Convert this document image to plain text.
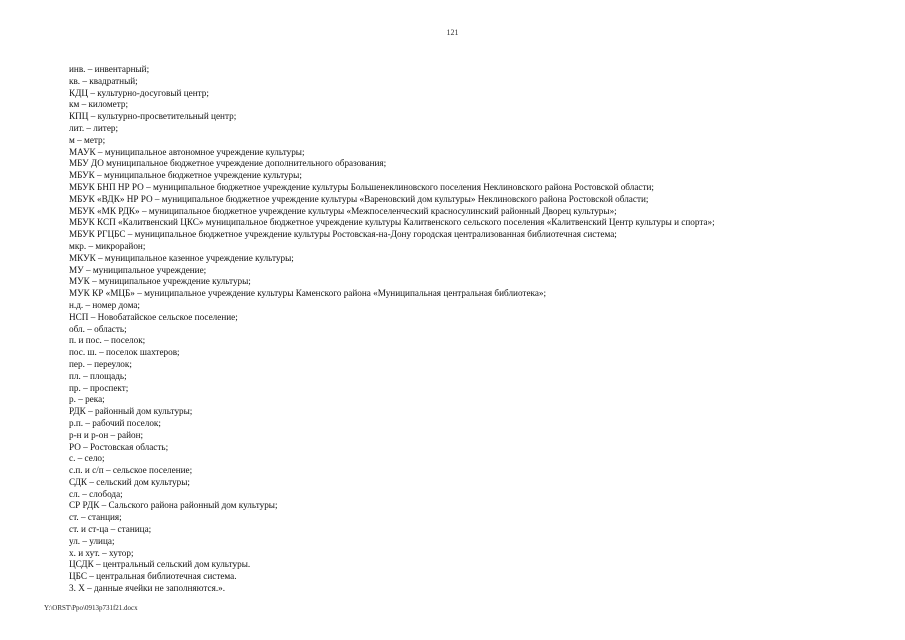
121
инв. – инвентарный;
кв. – квадратный;
КДЦ – культурно-досуговый центр;
км – километр;
КПЦ – культурно-просветительный центр;
лит. – литер;
м – метр;
МАУК – муниципальное автономное учреждение культуры;
МБУ ДО муниципальное бюджетное учреждение дополнительного образования;
МБУК – муниципальное бюджетное учреждение культуры;
МБУК БНП НР РО – муниципальное бюджетное учреждение культуры Большенеклиновского поселения Неклиновского района Ростовской области;
МБУК «ВДК» НР РО – муниципальное бюджетное учреждение культуры «Вареновский дом культуры» Неклиновского района Ростовской области;
МБУК «МК РДК» – муниципальное бюджетное учреждение культуры «Межпоселенческий красносулинский районный Дворец культуры»;
МБУК КСП «Калитвенский ЦКС» муниципальное бюджетное учреждение культуры Калитвенского сельского поселения «Калитвенский Центр культуры и спорта»;
МБУК РГЦБС – муниципальное бюджетное учреждение культуры Ростовская-на-Дону городская централизованная библиотечная система;
мкр. – микрорайон;
МКУК – муниципальное казенное учреждение культуры;
МУ – муниципальное учреждение;
МУК – муниципальное учреждение культуры;
МУК КР «МЦБ» – муниципальное учреждение культуры Каменского района «Муниципальная центральная библиотека»;
н.д. – номер дома;
НСП – Новобатайское сельское поселение;
обл. – область;
п. и пос. – поселок;
пос. ш. – поселок шахтеров;
пер. – переулок;
пл. – площадь;
пр. – проспект;
р. – река;
РДК – районный дом культуры;
р.п. – рабочий поселок;
р-н и р-он – район;
РО – Ростовская область;
с. – село;
с.п. и с/п – сельское поселение;
СДК – сельский дом культуры;
сл. – слобода;
СР РДК – Сальского района районный дом культуры;
ст. – станция;
ст. и ст-ца – станица;
ул. – улица;
х. и хут. – хутор;
ЦСДК – центральный сельский дом культуры.
ЦБС – центральная библиотечная система.
3. X – данные ячейки не заполняются.».
Y:\ORST\Ppo\0913p731f21.docx
